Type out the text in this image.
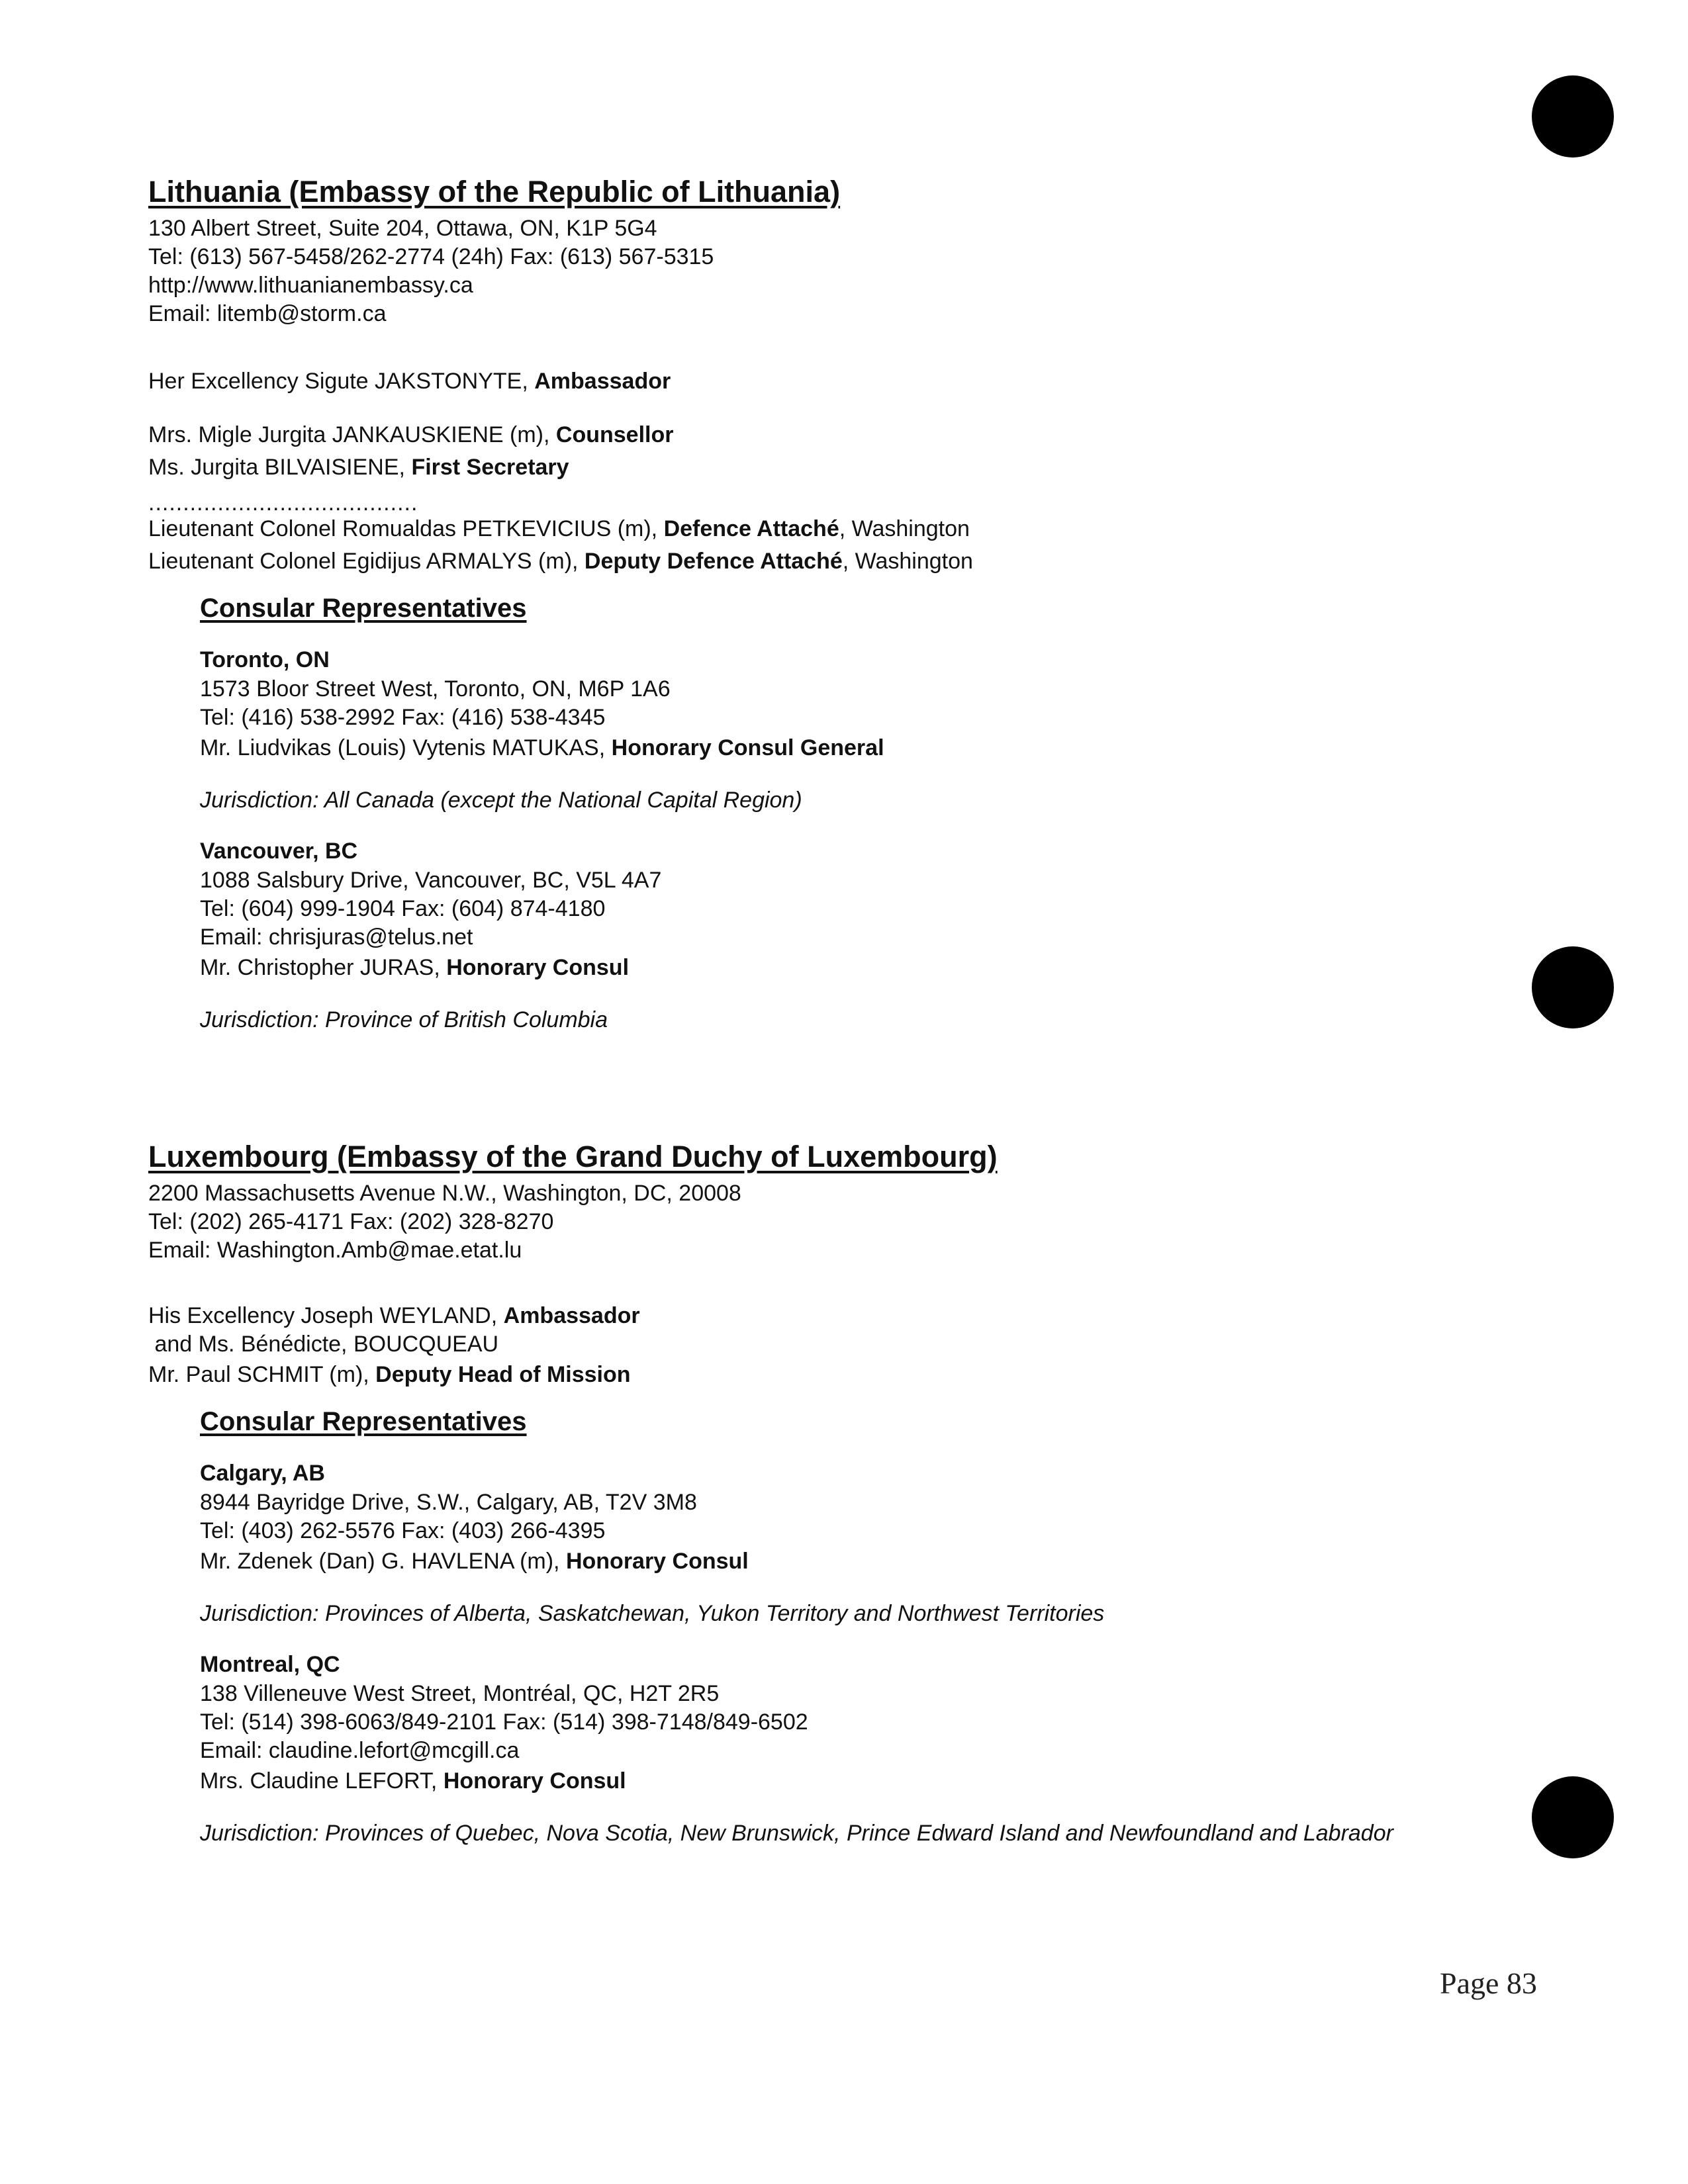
Lithuania (Embassy of the Republic of Lithuania)

130 Albert Street, Suite 204, Ottawa, ON, K1P 5G4

Tel: (613) 567-5458/262-2774 (24h) Fax: (613) 567-5315

http://www.lithuanianembassy.ca

Email: litemb@storm.ca

Her Excellency Sigute JAKSTONYTE, Ambassador

Mrs. Migle Jurgita JANKAUSKIENE (m), Counsellor

Ms. Jurgita BILVAISIENE, First Secretary

.......................................

Lieutenant Colonel Romualdas PETKEVICIUS (m), Defence Attaché, Washington

Lieutenant Colonel Egidijus ARMALYS (m), Deputy Defence Attaché, Washington

Consular Representatives

Toronto, ON

1573 Bloor Street West, Toronto, ON, M6P 1A6

Tel: (416) 538-2992 Fax: (416) 538-4345

Mr. Liudvikas (Louis) Vytenis MATUKAS, Honorary Consul General

Jurisdiction: All Canada (except the National Capital Region)

Vancouver, BC

1088 Salsbury Drive, Vancouver, BC, V5L 4A7

Tel: (604) 999-1904 Fax: (604) 874-4180

Email: chrisjuras@telus.net

Mr. Christopher JURAS, Honorary Consul

Jurisdiction: Province of British Columbia

Luxembourg (Embassy of the Grand Duchy of Luxembourg)

2200 Massachusetts Avenue N.W., Washington, DC, 20008

Tel: (202) 265-4171 Fax: (202) 328-8270

Email: Washington.Amb@mae.etat.lu

His Excellency Joseph WEYLAND, Ambassador

and Ms. Bénédicte, BOUCQUEAU

Mr. Paul SCHMIT (m), Deputy Head of Mission

Consular Representatives

Calgary, AB

8944 Bayridge Drive, S.W., Calgary, AB, T2V 3M8

Tel: (403) 262-5576 Fax: (403) 266-4395

Mr. Zdenek (Dan) G. HAVLENA (m), Honorary Consul

Jurisdiction: Provinces of Alberta, Saskatchewan, Yukon Territory and Northwest Territories

Montreal, QC

138 Villeneuve West Street, Montréal, QC, H2T 2R5

Tel: (514) 398-6063/849-2101 Fax: (514) 398-7148/849-6502

Email: claudine.lefort@mcgill.ca

Mrs. Claudine LEFORT, Honorary Consul

Jurisdiction: Provinces of Quebec, Nova Scotia, New Brunswick, Prince Edward Island and Newfoundland and Labrador

Page 83
